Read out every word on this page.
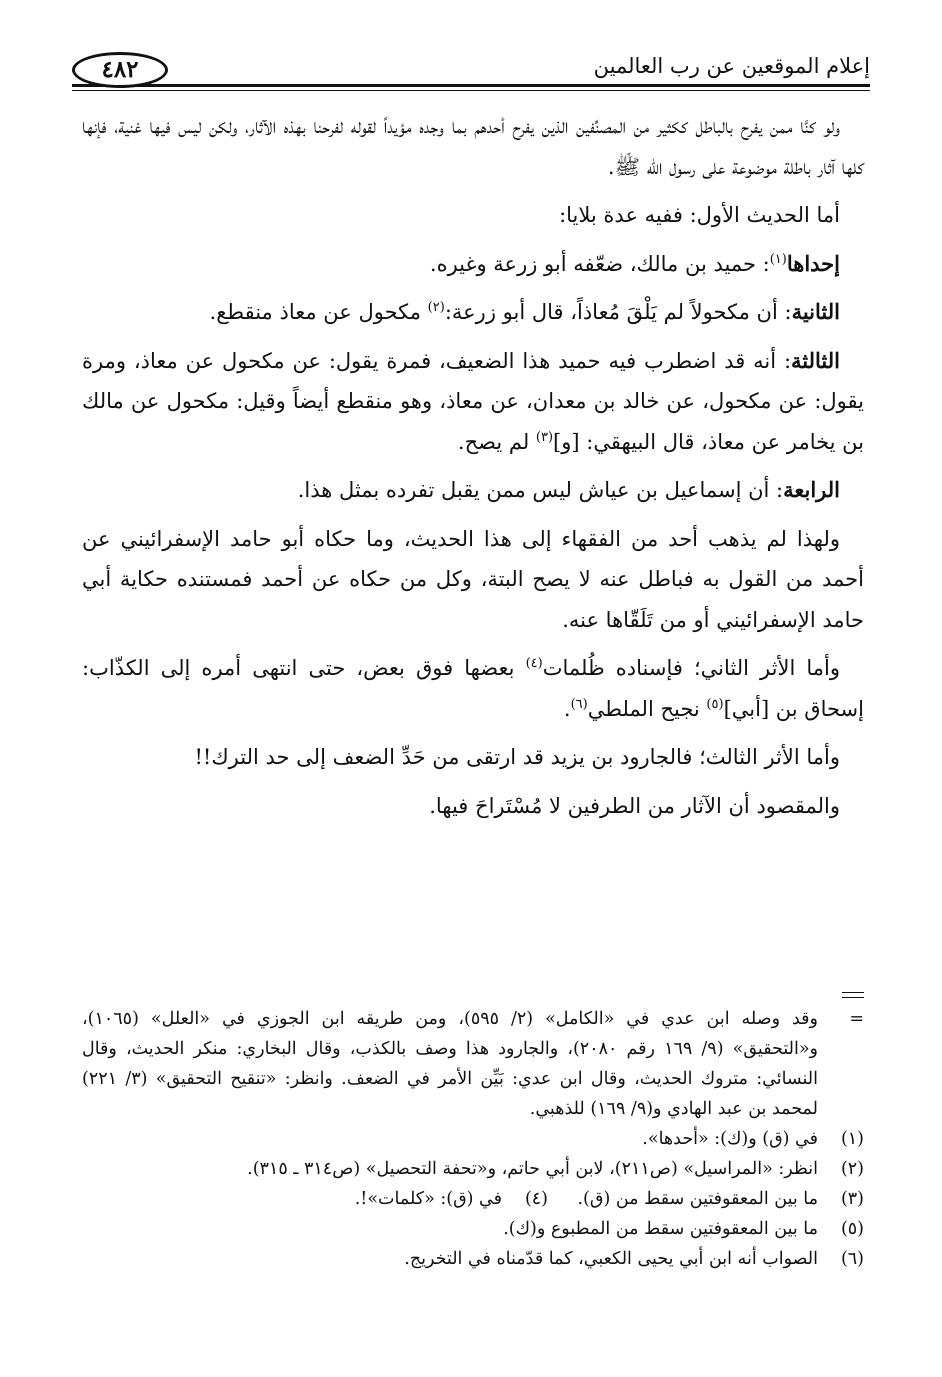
إعلام الموقعين عن رب العالمين
٤٨٢

ولو كنَّا ممن يفرح بالباطل ككثير من المصنِّفين الذين يفرح أحدهم بما وجده مؤيداً لقوله لفرحنا بهذه الآثار، ولكن ليس فيها غنية، فإنها كلها آثار باطلة موضوعة على رسول الله ﷺ.

أما الحديث الأول: ففيه عدة بلايا:

إحداها$^{(١)}$: حميد بن مالك، ضعّفه أبو زرعة وغيره.

الثانية: أن مكحولاً لم يَلْقَ مُعاذاً، قال أبو زرعة:$^{(٢)}$ مكحول عن معاذ منقطع.

الثالثة: أنه قد اضطرب فيه حميد هذا الضعيف، فمرة يقول: عن مكحول عن معاذ، ومرة يقول: عن مكحول، عن خالد بن معدان، عن معاذ، وهو منقطع أيضاً وقيل: مكحول عن مالك بن يخامر عن معاذ، قال البيهقي: [و]$^{(٣)}$ لم يصح.

الرابعة: أن إسماعيل بن عياش ليس ممن يقبل تفرده بمثل هذا.

ولهذا لم يذهب أحد من الفقهاء إلى هذا الحديث، وما حكاه أبو حامد الإسفرائيني عن أحمد من القول به فباطل عنه لا يصح البتة، وكل من حكاه عن أحمد فمستنده حكاية أبي حامد الإسفرائيني أو من تَلَقّاها عنه.

وأما الأثر الثاني؛ فإسناده ظُلمات$^{(٤)}$ بعضها فوق بعض، حتى انتهى أمره إلى الكذّاب: إسحاق بن [أبي]$^{(٥)}$ نجيح الملطي$^{(٦)}$.

وأما الأثر الثالث؛ فالجارود بن يزيد قد ارتقى من حَدِّ الضعف إلى حد الترك!!

والمقصود أن الآثار من الطرفين لا مُسْتَراحَ فيها.

=
وقد وصله ابن عدي في «الكامل» (٢/ ٥٩٥)، ومن طريقه ابن الجوزي في «العلل» (١٠٦٥)، و«التحقيق» (٩/ ١٦٩ رقم ٢٠٨٠)، والجارود هذا وصف بالكذب، وقال البخاري: منكر الحديث، وقال النسائي: متروك الحديث، وقال ابن عدي: بَيِّن الأمر في الضعف. وانظر: «تنقيح التحقيق» (٣/ ٢٢١) لمحمد بن عبد الهادي و(٩/ ١٦٩) للذهبي.

(١)
في (ق) و(ك): «أحدها».

(٢)
انظر: «المراسيل» (ص٢١١)، لابن أبي حاتم، و«تحفة التحصيل» (ص٣١٤ ـ ٣١٥).

(٣)
ما بين المعقوفتين سقط من (ق).
(٤)
في (ق): «كلمات»!.

(٥)
ما بين المعقوفتين سقط من المطبوع و(ك).

(٦)
الصواب أنه ابن أبي يحيى الكعبي، كما قدّمناه في التخريج.
